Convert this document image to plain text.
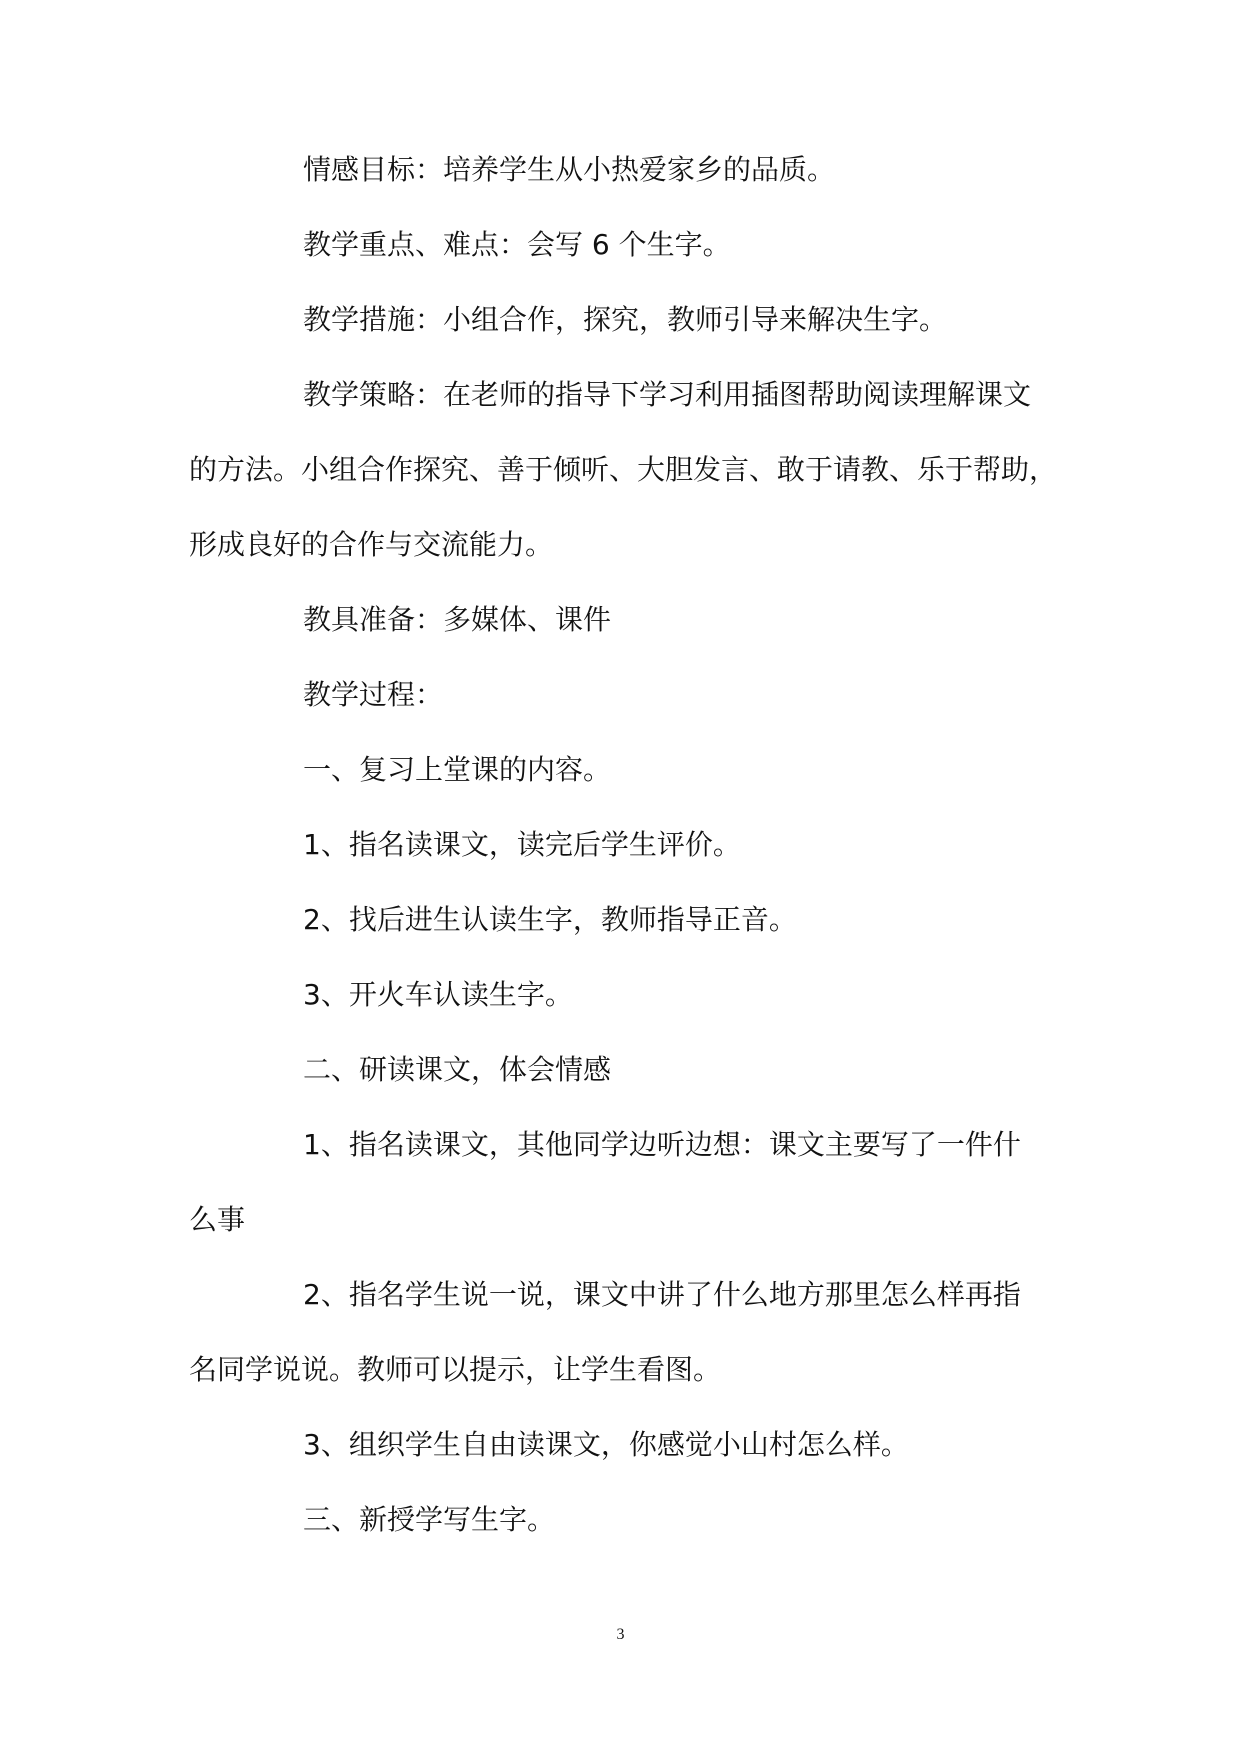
情感目标：培养学生从小热爱家乡的品质。
教学重点、难点：会写 6 个生字。
教学措施：小组合作，探究，教师引导来解决生字。
教学策略：在老师的指导下学习利用插图帮助阅读理解课文
的方法。小组合作探究、善于倾听、大胆发言、敢于请教、乐于帮助，
形成良好的合作与交流能力。
教具准备：多媒体、课件
教学过程：
一、复习上堂课的内容。
1、指名读课文，读完后学生评价。
2、找后进生认读生字，教师指导正音。
3、开火车认读生字。
二、研读课文，体会情感
1、指名读课文，其他同学边听边想：课文主要写了一件什
么事
2、指名学生说一说，课文中讲了什么地方那里怎么样再指
名同学说说。教师可以提示，让学生看图。
3、组织学生自由读课文，你感觉小山村怎么样。
三、新授学写生字。
3
